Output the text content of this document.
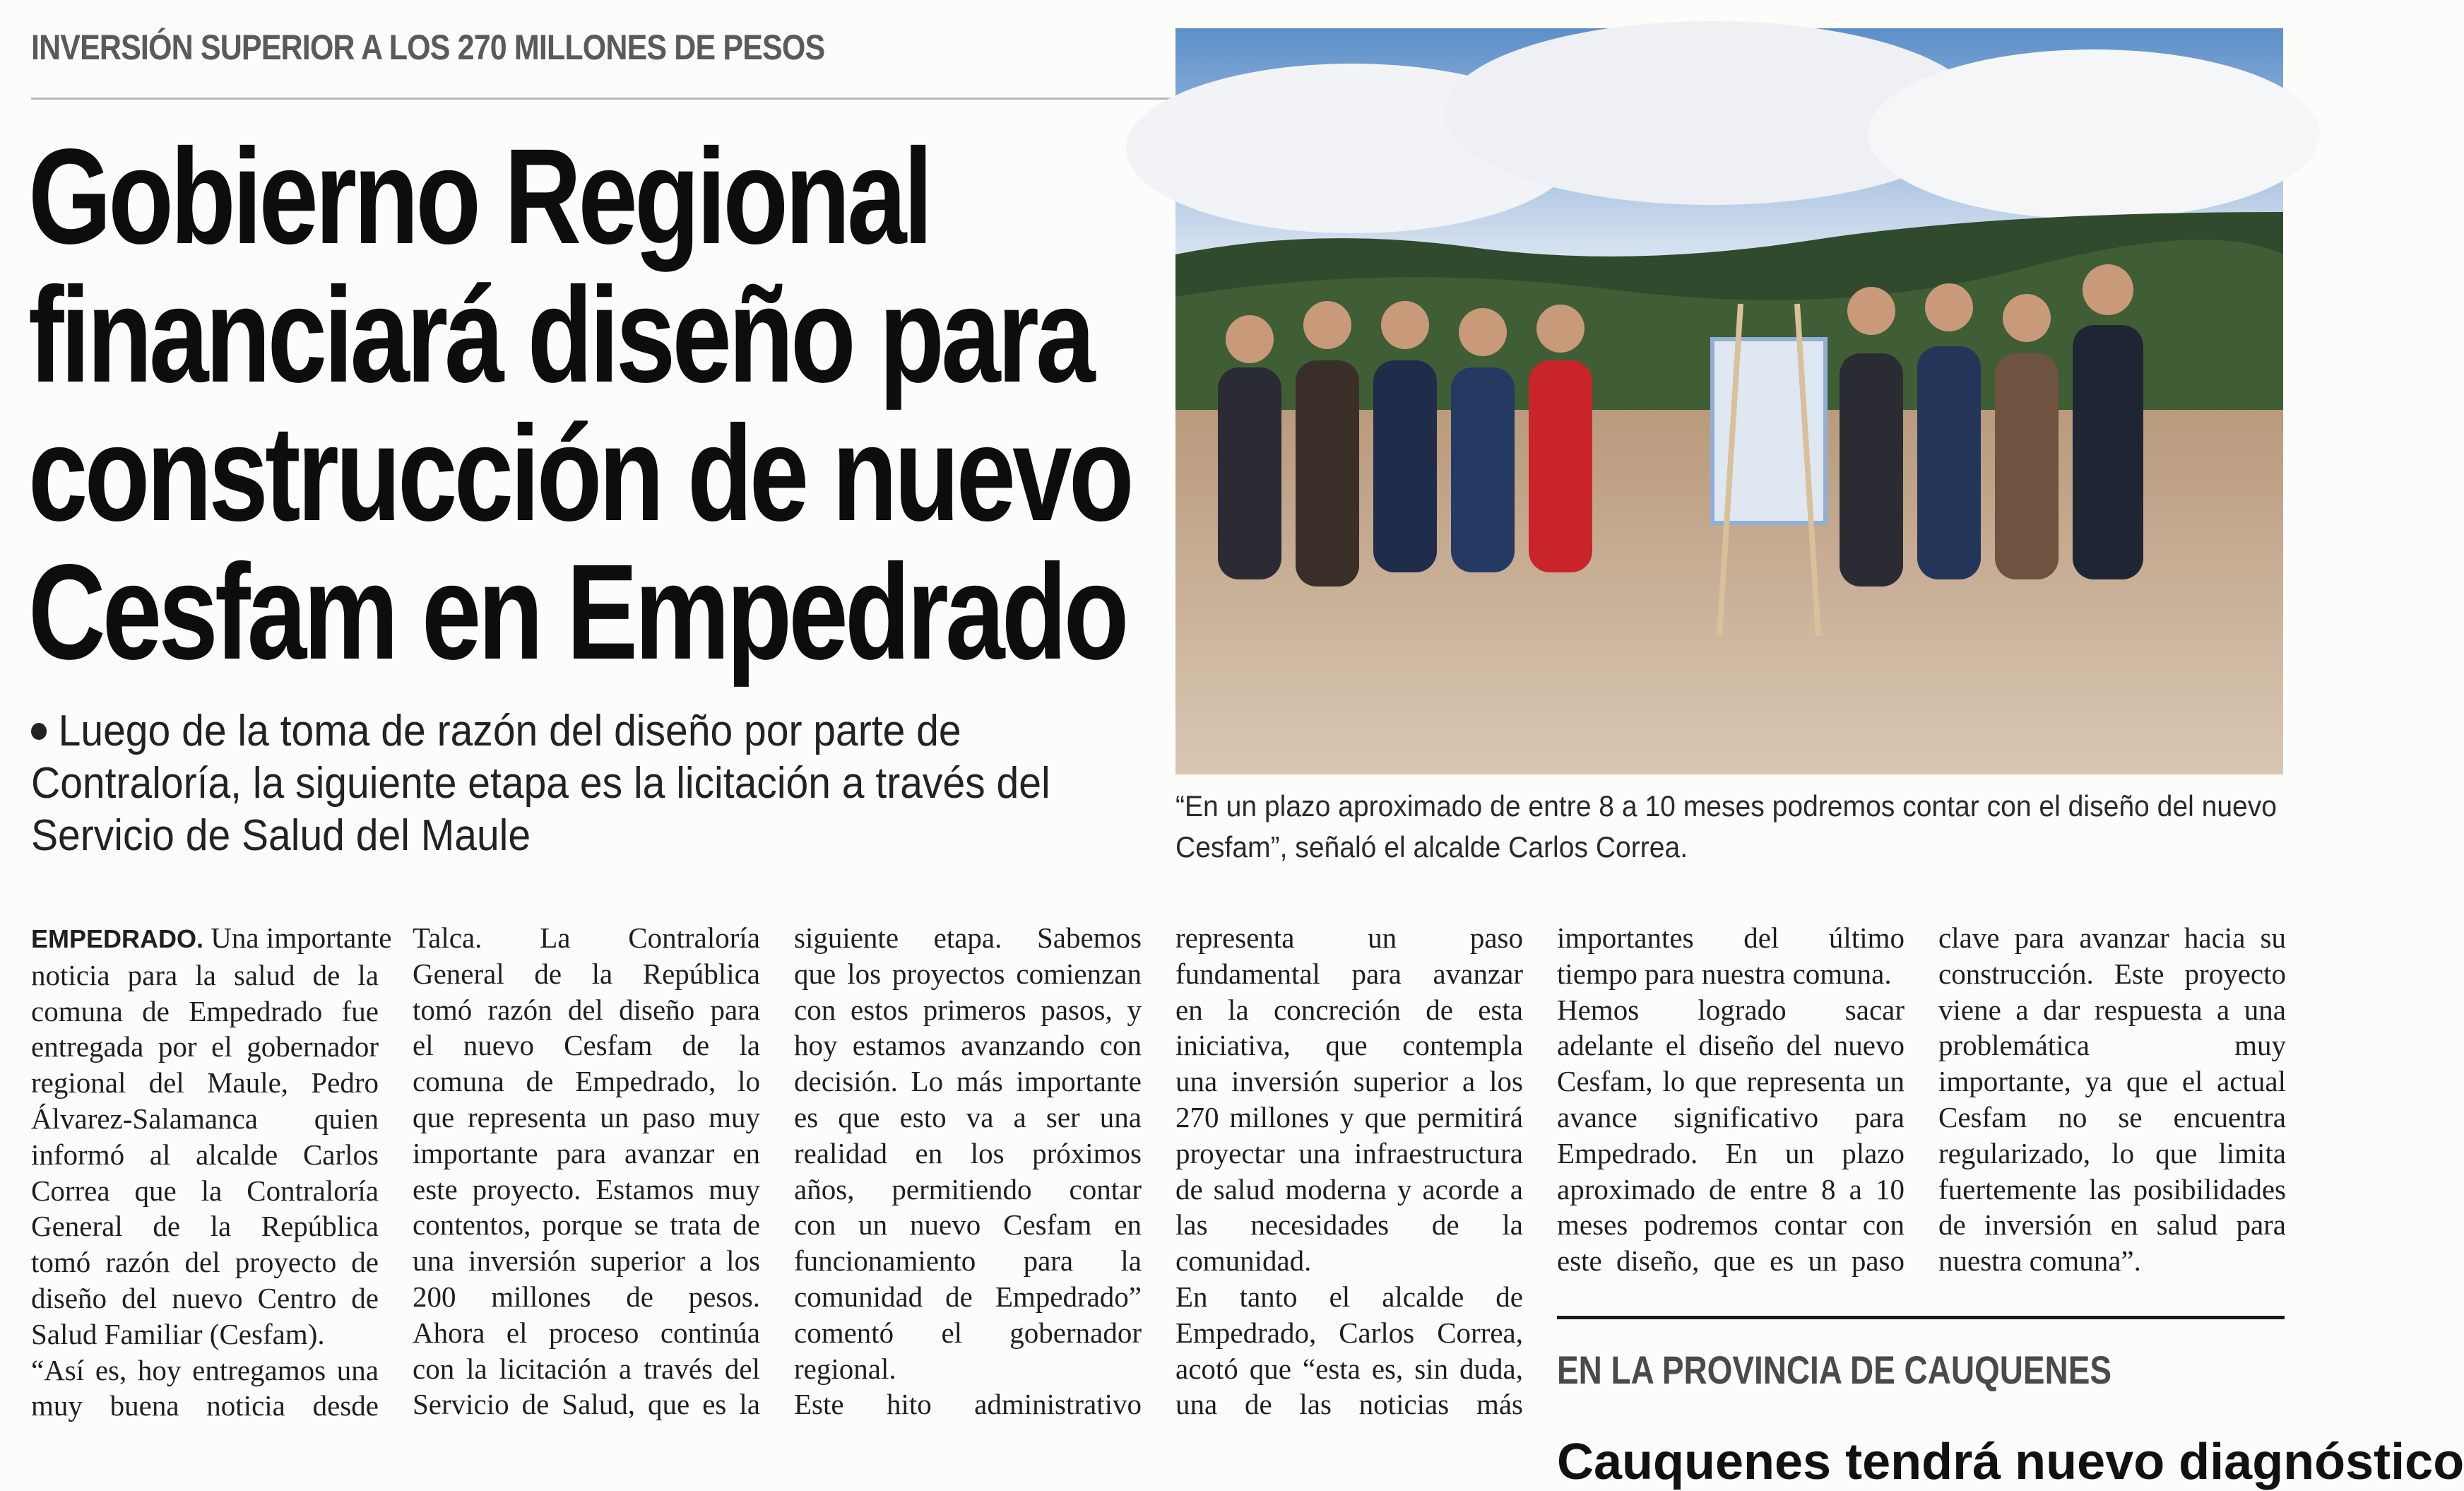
INVERSIÓN SUPERIOR A LOS 270 MILLONES DE PESOS
Gobierno Regional
financiará diseño para
construcción de nuevo
Cesfam en Empedrado
Luego de la toma de razón del diseño por parte de
Contraloría, la siguiente etapa es la licitación a través del
Servicio de Salud del Maule
“En un plazo aproximado de entre 8 a 10 meses podremos contar con el diseño del nuevo
Cesfam”, señaló el alcalde Carlos Correa.
EMPEDRADO. Una importante
noticia para la salud de la
comuna de Empedrado fue
entregada por el gobernador
regional del Maule, Pedro
Álvarez-Salamanca quien
informó al alcalde Carlos
Correa que la Contraloría
General de la República
tomó razón del proyecto de
diseño del nuevo Centro de
Salud Familiar (Cesfam).
“Así es, hoy entregamos una
muy buena noticia desde
Talca. La Contraloría
General de la República
tomó razón del diseño para
el nuevo Cesfam de la
comuna de Empedrado, lo
que representa un paso muy
importante para avanzar en
este proyecto. Estamos muy
contentos, porque se trata de
una inversión superior a los
200 millones de pesos.
Ahora el proceso continúa
con la licitación a través del
Servicio de Salud, que es la
siguiente etapa. Sabemos
que los proyectos comienzan
con estos primeros pasos, y
hoy estamos avanzando con
decisión. Lo más importante
es que esto va a ser una
realidad en los próximos
años, permitiendo contar
con un nuevo Cesfam en
funcionamiento para la
comunidad de Empedrado”
comentó el gobernador
regional.
Este hito administrativo
representa un paso
fundamental para avanzar
en la concreción de esta
iniciativa, que contempla
una inversión superior a los
270 millones y que permitirá
proyectar una infraestructura
de salud moderna y acorde a
las necesidades de la
comunidad.
En tanto el alcalde de
Empedrado, Carlos Correa,
acotó que “esta es, sin duda,
una de las noticias más
importantes del último
tiempo para nuestra comuna.
Hemos logrado sacar
adelante el diseño del nuevo
Cesfam, lo que representa un
avance significativo para
Empedrado. En un plazo
aproximado de entre 8 a 10
meses podremos contar con
este diseño, que es un paso
clave para avanzar hacia su
construcción. Este proyecto
viene a dar respuesta a una
problemática muy
importante, ya que el actual
Cesfam no se encuentra
regularizado, lo que limita
fuertemente las posibilidades
de inversión en salud para
nuestra comuna”.
EN LA PROVINCIA DE CAUQUENES
Cauquenes tendrá nuevo diagnóstico
